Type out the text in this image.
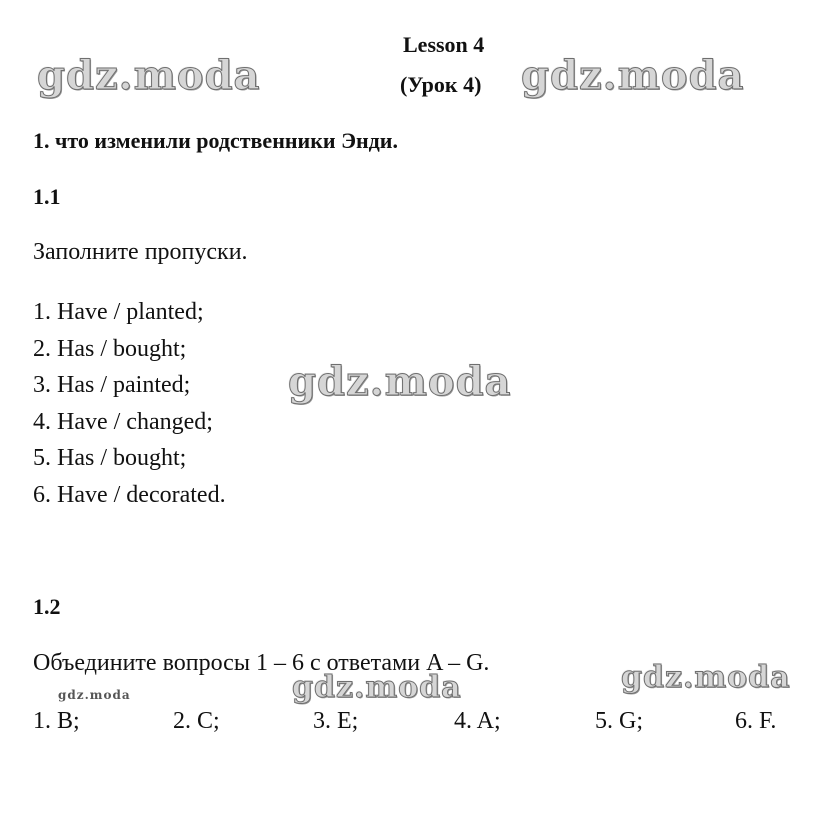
gdz.moda	gdz.moda
gdz.moda
gdz.moda	gdz.moda
gdz.moda
Lesson 4
(Урок 4)
1. что изменили родственники Энди.
1.1
Заполните пропуски.
1. Have / planted;
2. Has / bought;
3. Has / painted;
4. Have / changed;
5. Has / bought;
6. Have / decorated.
1.2
Объедините вопросы 1 – 6 с ответами A – G.
1. B;	2. C;	3. E;	4. A;	5. G;	6. F.
